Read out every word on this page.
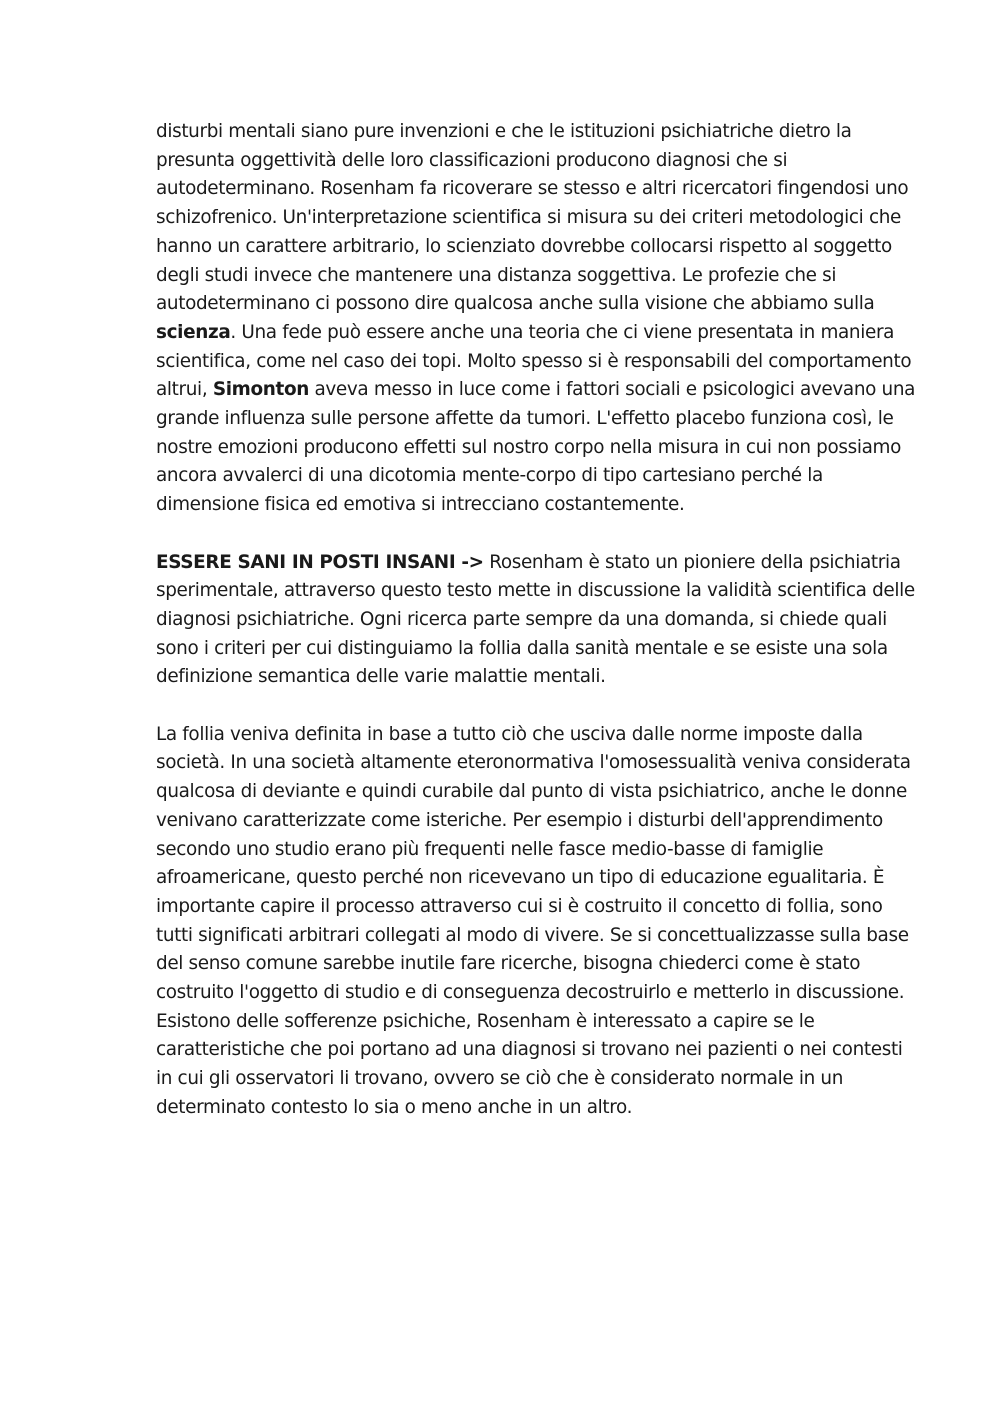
disturbi mentali siano pure invenzioni e che le istituzioni psichiatriche dietro la presunta oggettività delle loro classificazioni producono diagnosi che si autodeterminano. Rosenham fa ricoverare se stesso e altri ricercatori fingendosi uno schizofrenico. Un'interpretazione scientifica si misura su dei criteri metodologici che hanno un carattere arbitrario, lo scienziato dovrebbe collocarsi rispetto al soggetto degli studi invece che mantenere una distanza soggettiva. Le profezie che si autodeterminano ci possono dire qualcosa anche sulla visione che abbiamo sulla scienza. Una fede può essere anche una teoria che ci viene presentata in maniera scientifica, come nel caso dei topi. Molto spesso si è responsabili del comportamento altrui, Simonton aveva messo in luce come i fattori sociali e psicologici avevano una grande influenza sulle persone affette da tumori. L'effetto placebo funziona così, le nostre emozioni producono effetti sul nostro corpo nella misura in cui non possiamo ancora avvalerci di una dicotomia mente-corpo di tipo cartesiano perché la dimensione fisica ed emotiva si intrecciano costantemente.

ESSERE SANI IN POSTI INSANI -> Rosenham è stato un pioniere della psichiatria sperimentale, attraverso questo testo mette in discussione la validità scientifica delle diagnosi psichiatriche. Ogni ricerca parte sempre da una domanda, si chiede quali sono i criteri per cui distinguiamo la follia dalla sanità mentale e se esiste una sola definizione semantica delle varie malattie mentali.

La follia veniva definita in base a tutto ciò che usciva dalle norme imposte dalla società. In una società altamente eteronormativa l'omosessualità veniva considerata qualcosa di deviante e quindi curabile dal punto di vista psichiatrico, anche le donne venivano caratterizzate come isteriche. Per esempio i disturbi dell'apprendimento secondo uno studio erano più frequenti nelle fasce medio-basse di famiglie afroamericane, questo perché non ricevevano un tipo di educazione egualitaria. È importante capire il processo attraverso cui si è costruito il concetto di follia, sono tutti significati arbitrari collegati al modo di vivere. Se si concettualizzasse sulla base del senso comune sarebbe inutile fare ricerche, bisogna chiederci come è stato costruito l'oggetto di studio e di conseguenza decostruirlo e metterlo in discussione. Esistono delle sofferenze psichiche, Rosenham è interessato a capire se le caratteristiche che poi portano ad una diagnosi si trovano nei pazienti o nei contesti in cui gli osservatori li trovano, ovvero se ciò che è considerato normale in un determinato contesto lo sia o meno anche in un altro.
